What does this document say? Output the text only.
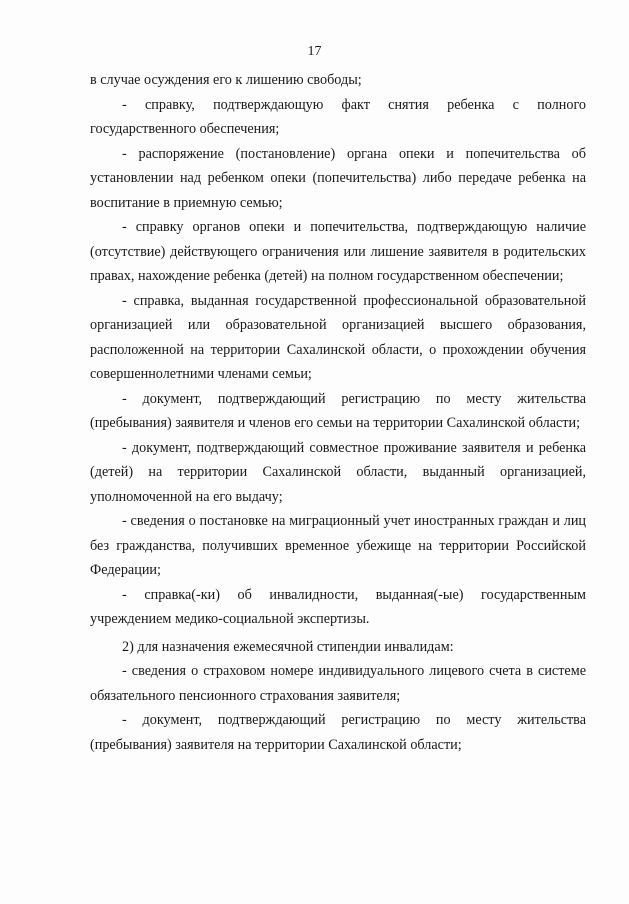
17

в случае осуждения его к лишению свободы;

- справку, подтверждающую факт снятия ребенка с полного государственного обеспечения;

- распоряжение (постановление) органа опеки и попечительства об установлении над ребенком опеки (попечительства) либо передаче ребенка на воспитание в приемную семью;

- справку органов опеки и попечительства, подтверждающую наличие (отсутствие) действующего ограничения или лишение заявителя в родительских правах, нахождение ребенка (детей) на полном государственном обеспечении;

- справка, выданная государственной профессиональной образовательной организацией или образовательной организацией высшего образования, расположенной на территории Сахалинской области, о прохождении обучения совершеннолетними членами семьи;

- документ, подтверждающий регистрацию по месту жительства (пребывания) заявителя и членов его семьи на территории Сахалинской области;

- документ, подтверждающий совместное проживание заявителя и ребенка (детей) на территории Сахалинской области, выданный организацией, уполномоченной на его выдачу;

- сведения о постановке на миграционный учет иностранных граждан и лиц без гражданства, получивших временное убежище на территории Российской Федерации;

- справка(-ки) об инвалидности, выданная(-ые) государственным учреждением медико-социальной экспертизы.

2) для назначения ежемесячной стипендии инвалидам:

- сведения о страховом номере индивидуального лицевого счета в системе обязательного пенсионного страхования заявителя;

- документ, подтверждающий регистрацию по месту жительства (пребывания) заявителя на территории Сахалинской области;
